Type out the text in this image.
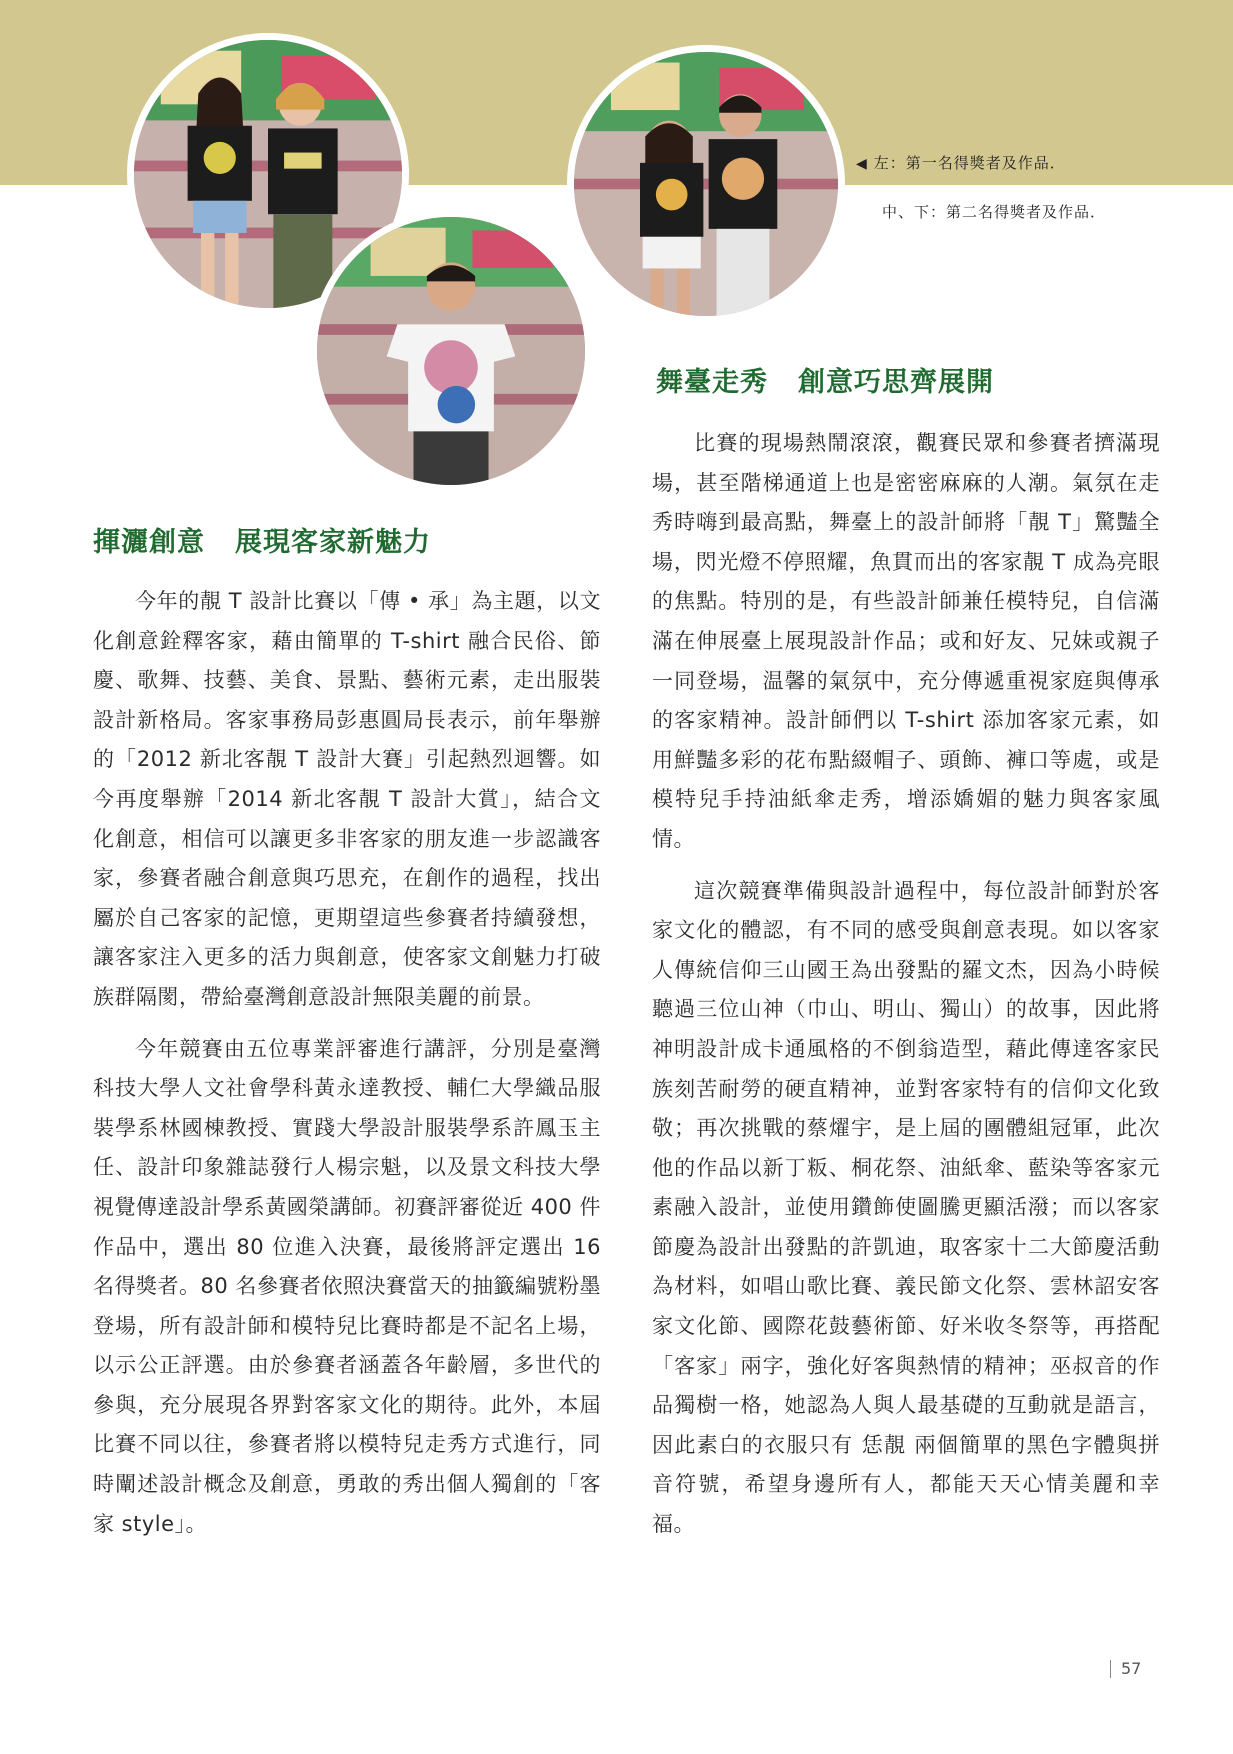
◀ 左：第一名得獎者及作品．
中、下：第二名得獎者及作品．
揮灑創意 展現客家新魅力

今年的靚 T 設計比賽以「傳 • 承」為主題，以文化創意銓釋客家，藉由簡單的 T-shirt 融合民俗、節慶、歌舞、技藝、美食、景點、藝術元素，走出服裝設計新格局。客家事務局彭惠圓局長表示，前年舉辦的「2012 新北客靚 T 設計大賽」引起熱烈迴響。如今再度舉辦「2014 新北客靚 T 設計大賞」，結合文化創意，相信可以讓更多非客家的朋友進一步認識客家，參賽者融合創意與巧思充，在創作的過程，找出屬於自己客家的記憶，更期望這些參賽者持續發想，讓客家注入更多的活力與創意，使客家文創魅力打破族群隔閡，帶給臺灣創意設計無限美麗的前景。

今年競賽由五位專業評審進行講評，分別是臺灣科技大學人文社會學科黃永達教授、輔仁大學織品服裝學系林國棟教授、實踐大學設計服裝學系許鳳玉主任、設計印象雜誌發行人楊宗魁，以及景文科技大學視覺傳達設計學系黃國榮講師。初賽評審從近 400 件作品中，選出 80 位進入決賽，最後將評定選出 16 名得獎者。80 名參賽者依照決賽當天的抽籤編號粉墨登場，所有設計師和模特兒比賽時都是不記名上場，以示公正評選。由於參賽者涵蓋各年齡層，多世代的參與，充分展現各界對客家文化的期待。此外，本屆比賽不同以往，參賽者將以模特兒走秀方式進行，同時闡述設計概念及創意，勇敢的秀出個人獨創的「客家 style」。

舞臺走秀 創意巧思齊展開

比賽的現場熱鬧滾滾，觀賽民眾和參賽者擠滿現場，甚至階梯通道上也是密密麻麻的人潮。氣氛在走秀時嗨到最高點，舞臺上的設計師將「靚 T」驚豔全場，閃光燈不停照耀，魚貫而出的客家靚 T 成為亮眼的焦點。特別的是，有些設計師兼任模特兒，自信滿滿在伸展臺上展現設計作品；或和好友、兄妹或親子一同登場，温馨的氣氛中，充分傳遞重視家庭與傳承的客家精神。設計師們以 T-shirt 添加客家元素，如用鮮豔多彩的花布點綴帽子、頭飾、褲口等處，或是模特兒手持油紙傘走秀，增添嬌媚的魅力與客家風情。

這次競賽準備與設計過程中，每位設計師對於客家文化的體認，有不同的感受與創意表現。如以客家人傳統信仰三山國王為出發點的羅文杰，因為小時候聽過三位山神（巾山、明山、獨山）的故事，因此將神明設計成卡通風格的不倒翁造型，藉此傳達客家民族刻苦耐勞的硬直精神，並對客家特有的信仰文化致敬；再次挑戰的蔡燿宇，是上屆的團體組冠軍，此次他的作品以新丁粄、桐花祭、油紙傘、藍染等客家元素融入設計，並使用鑽飾使圖騰更顯活潑；而以客家節慶為設計出發點的許凱迪，取客家十二大節慶活動為材料，如唱山歌比賽、義民節文化祭、雲林詔安客家文化節、國際花鼓藝術節、好米收冬祭等，再搭配「客家」兩字，強化好客與熱情的精神；巫叔音的作品獨樹一格，她認為人與人最基礎的互動就是語言，因此素白的衣服只有 恁靚 兩個簡單的黑色字體與拼音符號，希望身邊所有人，都能天天心情美麗和幸福。

57
